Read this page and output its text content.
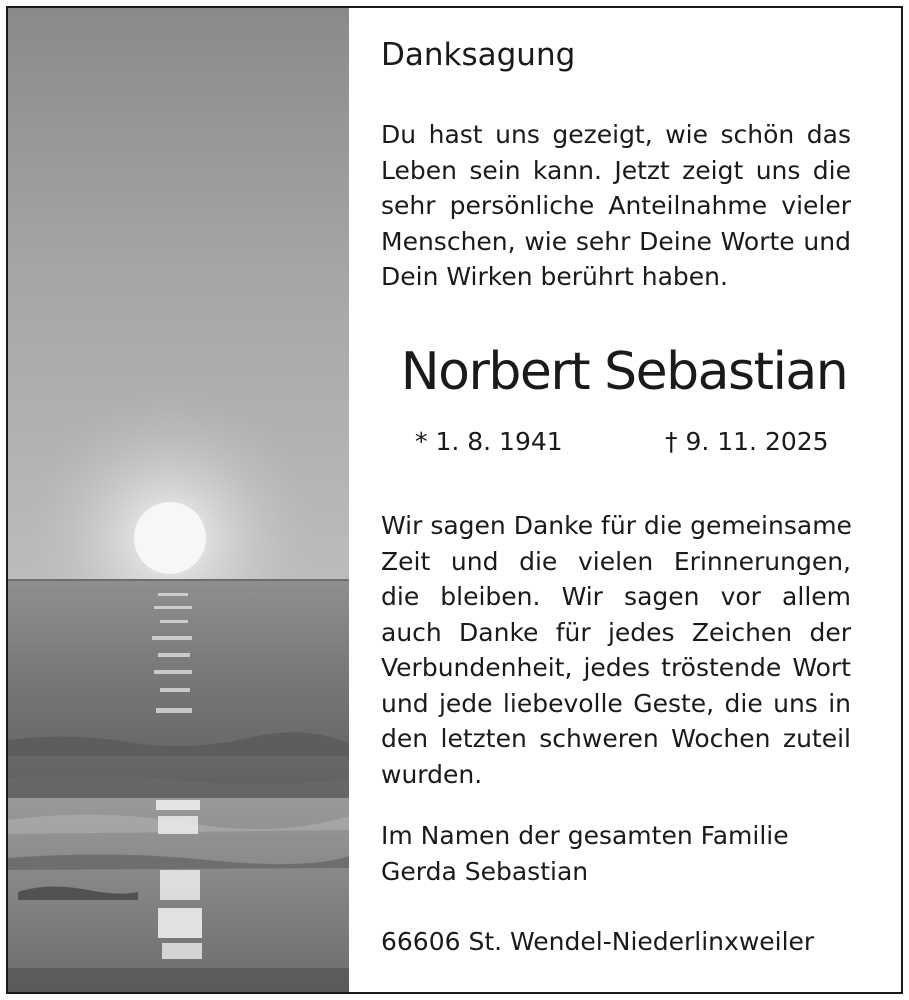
Danksagung
Du hast uns gezeigt, wie schön das
Leben sein kann. Jetzt zeigt uns die
sehr persönliche Anteilnahme vieler
Menschen, wie sehr Deine Worte und
Dein Wirken berührt haben.
Norbert Sebastian
* 1. 8. 1941	† 9. 11. 2025
Wir sagen Danke für die gemeinsame
Zeit und die vielen Erinnerungen,
die bleiben. Wir sagen vor allem
auch Danke für jedes Zeichen der
Verbundenheit, jedes tröstende Wort
und jede liebevolle Geste, die uns in
den letzten schweren Wochen zuteil
wurden.
Im Namen der gesamten Familie
Gerda Sebastian
66606 St. Wendel-Niederlinxweiler
